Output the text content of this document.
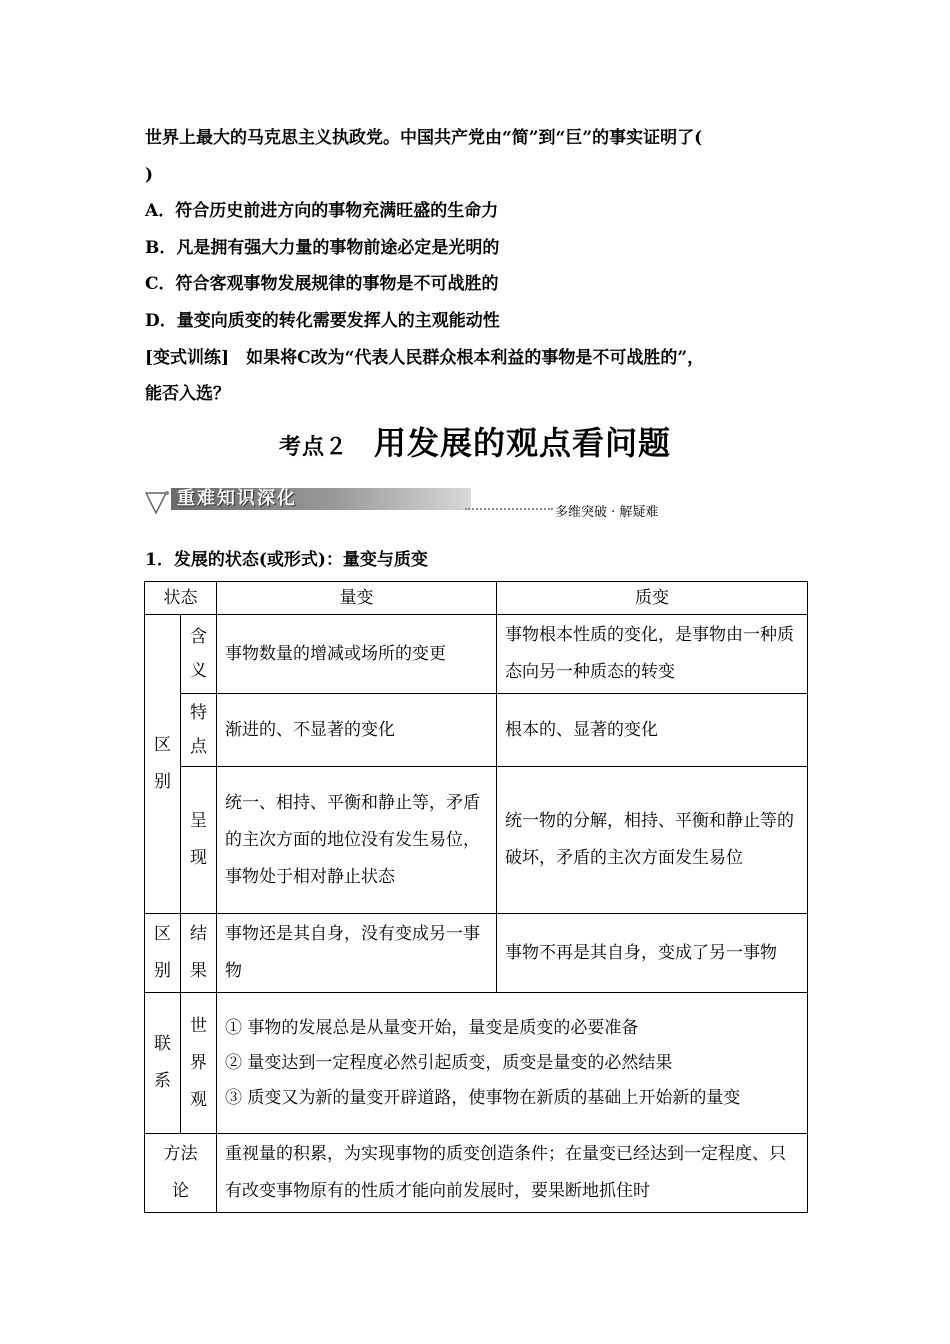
世界上最大的马克思主义执政党。中国共产党由“简”到“巨”的事实证明了(
)
A．符合历史前进方向的事物充满旺盛的生命力
B．凡是拥有强大力量的事物前途必定是光明的
C．符合客观事物发展规律的事物是不可战胜的
D．量变向质变的转化需要发挥人的主观能动性
[变式训练]　如果将C改为“代表人民群众根本利益的事物是不可战胜的”，
能否入选？
考点２ 用发展的观点看问题
重难知识深化
多维突破 · 解疑难
1．发展的状态(或形式)：量变与质变
状态		量变	质变

区别	含义	事物数量的增减或场所的变更	事物根本性质的变化，是事物由一种质态向另一种质态的转变

	特点	渐进的、不显著的变化	根本的、显著的变化

	呈现	统一、相持、平衡和静止等，矛盾的主次方面的地位没有发生易位，事物处于相对静止状态	统一物的分解，相持、平衡和静止等的破坏，矛盾的主次方面发生易位

区别	结果	事物还是其自身，没有变成另一事物	事物不再是其自身，变成了另一事物

联系	世界观	① 事物的发展总是从量变开始，量变是质变的必要准备
② 量变达到一定程度必然引起质变，质变是量变的必然结果
③ 质变又为新的量变开辟道路，使事物在新质的基础上开始新的量变	

方法论		重视量的积累，为实现事物的质变创造条件；在量变已经达到一定程度、只有改变事物原有的性质才能向前发展时，要果断地抓住时	
